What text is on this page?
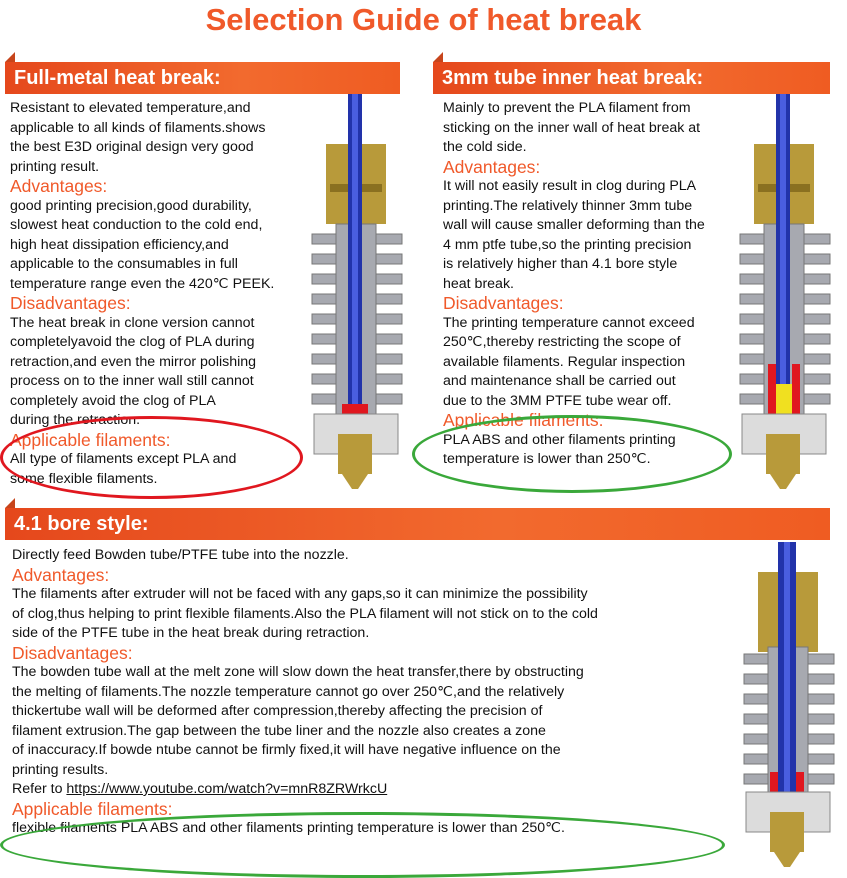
Selection Guide of heat break
Full-metal heat break:

Resistant to elevated temperature,and

applicable to all kinds of filaments.shows

the best E3D original design very good

printing result.

Advantages:

good printing precision,good durability,

slowest heat conduction to the cold end,

high heat dissipation efficiency,and

applicable to the consumables in full

temperature range even the 420℃ PEEK.

Disadvantages:

The heat break in clone version cannot

completelyavoid the clog of PLA during

retraction,and even the mirror polishing

process on to the inner wall still cannot

completely avoid the clog of PLA

during the retraction.

Applicable filaments:

All type of filaments except PLA and

some flexible filaments.

3mm tube inner heat break:

Mainly to prevent the PLA filament from

sticking on the inner wall of heat break at

the cold side.

Advantages:

It will not easily result in clog during PLA

printing.The relatively thinner 3mm tube

wall will cause smaller deforming than the

4 mm ptfe tube,so the printing precision

is relatively higher than 4.1 bore style

heat break.

Disadvantages:

The printing temperature cannot exceed

250℃,thereby restricting the scope of

available filaments. Regular inspection

and maintenance shall be carried out

due to the 3MM PTFE tube wear off.

Applicable filaments:

PLA ABS and other filaments printing

temperature is lower than 250℃.

4.1 bore style:

Directly feed Bowden tube/PTFE tube into the nozzle.

Advantages:

The filaments after extruder will not be faced with any gaps,so it can minimize the possibility

of clog,thus helping to print flexible filaments.Also the PLA filament will not stick on to the cold

side of the PTFE tube in the heat break during retraction.

Disadvantages:

The bowden tube wall at the melt zone will slow down the heat transfer,there by obstructing

the melting of filaments.The nozzle temperature cannot go over 250℃,and the relatively

thickertube wall will be deformed after compression,thereby affecting the precision of

filament extrusion.The gap between the tube liner and the nozzle also creates a zone

of inaccuracy.If bowde ntube cannot be firmly fixed,it will have negative influence on the

printing results.

Refer to https://www.youtube.com/watch?v=mnR8ZRWrkcU

Applicable filaments:

flexible filaments PLA ABS and other filaments printing temperature is lower than 250℃.
